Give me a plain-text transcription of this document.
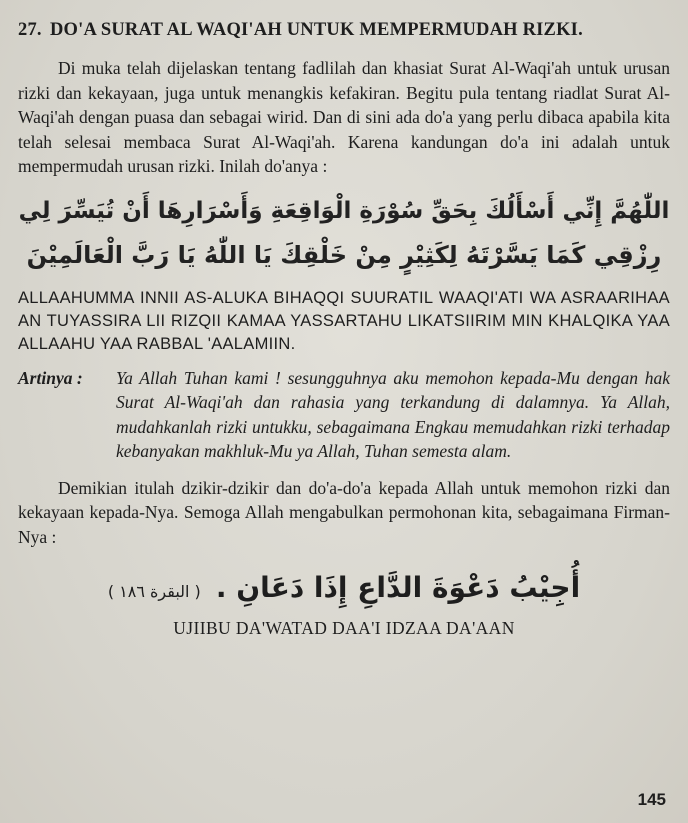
27. DO'A SURAT AL WAQI'AH UNTUK MEMPERMUDAH RIZKI.

Di muka telah dijelaskan tentang fadlilah dan khasiat Surat Al-Waqi'ah untuk urusan rizki dan kekayaan, juga untuk menangkis kefakiran. Begitu pula tentang riadlat Surat Al-Waqi'ah dengan puasa dan sebagai wirid. Dan di sini ada do'a yang perlu dibaca apabila kita telah selesai membaca Surat Al-Waqi'ah. Karena kandungan do'a ini adalah untuk mempermudah urusan rizki. Inilah do'anya :

اللّٰهُمَّ إِنِّي أَسْأَلُكَ بِحَقِّ سُوْرَةِ الْوَاقِعَةِ وَأَسْرَارِهَا أَنْ تُيَسِّرَ لِي
رِزْقِي كَمَا يَسَّرْتَهُ لِكَثِيْرٍ مِنْ خَلْقِكَ يَا اللّٰهُ يَا رَبَّ الْعَالَمِيْنَ

ALLAAHUMMA INNII AS-ALUKA BIHAQQI SUURATIL WAAQI'ATI WA ASRAARIHAA AN TUYASSIRA LII RIZQII KAMAA YASSARTAHU LIKATSIIRIM MIN KHALQIKA YAA ALLAAHU YAA RABBAL 'AALAMIIN.

Artinya :	Ya Allah Tuhan kami ! sesungguhnya aku memohon kepada-Mu dengan hak Surat Al-Waqi'ah dan rahasia yang terkandung di dalamnya. Ya Allah, mudahkanlah rizki untukku, sebagaimana Engkau memudahkan rizki terhadap kebanyakan makhluk-Mu ya Allah, Tuhan semesta alam.

Demikian itulah dzikir-dzikir dan do'a-do'a kepada Allah untuk memohon rizki dan kekayaan kepada-Nya. Semoga Allah mengabulkan permohonan kita, sebagaimana Firman-Nya :

أُجِيْبُ دَعْوَةَ الدَّاعِ إِذَا دَعَانِ . ( البقرة ١٨٦ )
UJIIBU DA'WATAD DAA'I IDZAA DA'AAN
145
